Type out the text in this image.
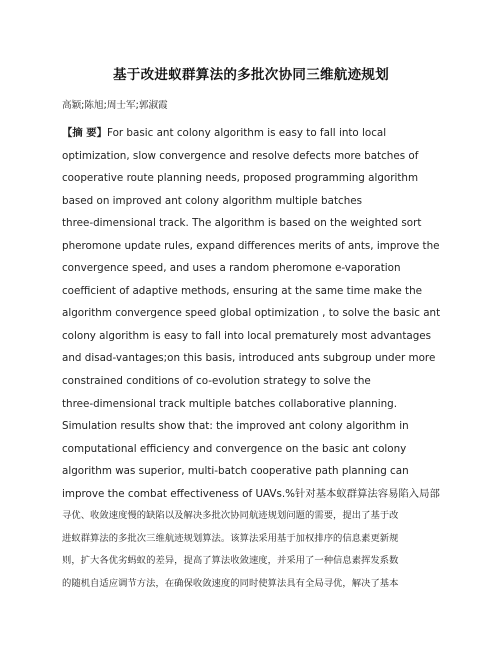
基于改进蚁群算法的多批次协同三维航迹规划
高颖;陈旭;周士军;郭淑霞
【摘 要】For basic ant colony algorithm is easy to fall into local
optimization, slow convergence and resolve defects more batches of
cooperative route planning needs, proposed programming algorithm
based on improved ant colony algorithm multiple batches
three-dimensional track. The algorithm is based on the weighted sort
pheromone update rules, expand differences merits of ants, improve the
convergence speed, and uses a random pheromone e-vaporation
coefficient of adaptive methods, ensuring at the same time make the
algorithm convergence speed global optimization , to solve the basic ant
colony algorithm is easy to fall into local prematurely most advantages
and disad-vantages;on this basis, introduced ants subgroup under more
constrained conditions of co-evolution strategy to solve the
three-dimensional track multiple batches collaborative planning.
Simulation results show that: the improved ant colony algorithm in
computational efficiency and convergence on the basic ant colony
algorithm was superior, multi-batch cooperative path planning can
improve the combat effectiveness of UAVs.%针对基本蚁群算法容易陷入局部
寻优、收敛速度慢的缺陷以及解决多批次协同航迹规划问题的需要，提出了基于改
进蚁群算法的多批次三维航迹规划算法。该算法采用基于加权排序的信息素更新规
则，扩大各优劣蚂蚁的差异，提高了算法收敛速度，并采用了一种信息素挥发系数
的随机自适应调节方法，在确保收敛速度的同时使算法具有全局寻优，解决了基本
